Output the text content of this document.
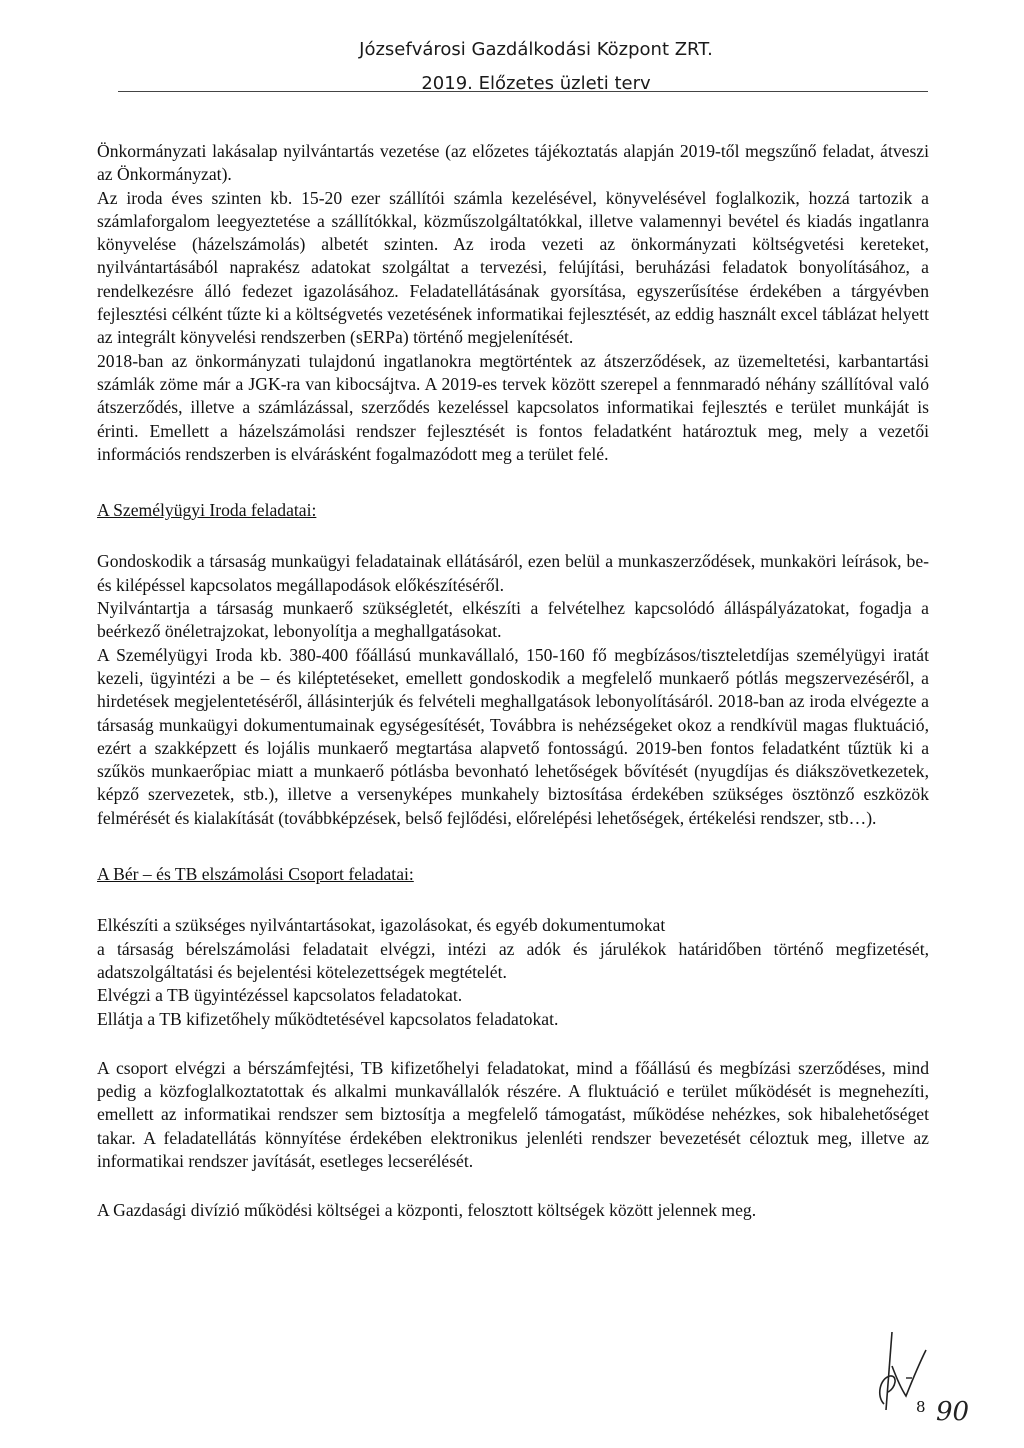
Józsefvárosi Gazdálkodási Központ ZRT.
2019. Előzetes üzleti terv

Önkormányzati lakásalap nyilvántartás vezetése (az előzetes tájékoztatás alapján 2019-től megszűnő feladat, átveszi az Önkormányzat).

Az iroda éves szinten kb. 15-20 ezer szállítói számla kezelésével, könyvelésével foglalkozik, hozzá tartozik a számlaforgalom leegyeztetése a szállítókkal, közműszolgáltatókkal, illetve valamennyi bevétel és kiadás ingatlanra könyvelése (házelszámolás) albetét szinten. Az iroda vezeti az önkormányzati költségvetési kereteket, nyilvántartásából naprakész adatokat szolgáltat a tervezési, felújítási, beruházási feladatok bonyolításához, a rendelkezésre álló fedezet igazolásához. Feladatellátásának gyorsítása, egyszerűsítése érdekében a tárgyévben fejlesztési célként tűzte ki a költségvetés vezetésének informatikai fejlesztését, az eddig használt excel táblázat helyett az integrált könyvelési rendszerben (sERPa) történő megjelenítését.

2018-ban az önkormányzati tulajdonú ingatlanokra megtörténtek az átszerződések, az üzemeltetési, karbantartási számlák zöme már a JGK-ra van kibocsájtva. A 2019-es tervek között szerepel a fennmaradó néhány szállítóval való átszerződés, illetve a számlázással, szerződés kezeléssel kapcsolatos informatikai fejlesztés e terület munkáját is érinti. Emellett a házelszámolási rendszer fejlesztését is fontos feladatként határoztuk meg, mely a vezetői információs rendszerben is elvárásként fogalmazódott meg a terület felé.

A Személyügyi Iroda feladatai:

Gondoskodik a társaság munkaügyi feladatainak ellátásáról, ezen belül a munkaszerződések, munkaköri leírások, be-és kilépéssel kapcsolatos megállapodások előkészítéséről.

Nyilvántartja a társaság munkaerő szükségletét, elkészíti a felvételhez kapcsolódó álláspályázatokat, fogadja a beérkező önéletrajzokat, lebonyolítja a meghallgatásokat.

A Személyügyi Iroda kb. 380-400 főállású munkavállaló, 150-160 fő megbízásos/tiszteletdíjas személyügyi iratát kezeli, ügyintézi a be – és kiléptetéseket, emellett gondoskodik a megfelelő munkaerő pótlás megszervezéséről, a hirdetések megjelentetéséről, állásinterjúk és felvételi meghallgatások lebonyolításáról. 2018-ban az iroda elvégezte a társaság munkaügyi dokumentumainak egységesítését, Továbbra is nehézségeket okoz a rendkívül magas fluktuáció, ezért a szakképzett és lojális munkaerő megtartása alapvető fontosságú. 2019-ben fontos feladatként tűztük ki a szűkös munkaerőpiac miatt a munkaerő pótlásba bevonható lehetőségek bővítését (nyugdíjas és diákszövetkezetek, képző szervezetek, stb.), illetve a versenyképes munkahely biztosítása érdekében szükséges ösztönző eszközök felmérését és kialakítását (továbbképzések, belső fejlődési, előrelépési lehetőségek, értékelési rendszer, stb…).

A Bér – és TB elszámolási Csoport feladatai:

Elkészíti a szükséges nyilvántartásokat, igazolásokat, és egyéb dokumentumokat

a társaság bérelszámolási feladatait elvégzi, intézi az adók és járulékok határidőben történő megfizetését, adatszolgáltatási és bejelentési kötelezettségek megtételét.

Elvégzi a TB ügyintézéssel kapcsolatos feladatokat.

Ellátja a TB kifizetőhely működtetésével kapcsolatos feladatokat.

A csoport elvégzi a bérszámfejtési, TB kifizetőhelyi feladatokat, mind a főállású és megbízási szerződéses, mind pedig a közfoglalkoztatottak és alkalmi munkavállalók részére. A fluktuáció e terület működését is megnehezíti, emellett az informatikai rendszer sem biztosítja a megfelelő támogatást, működése nehézkes, sok hibalehetőséget takar. A feladatellátás könnyítése érdekében elektronikus jelenléti rendszer bevezetését céloztuk meg, illetve az informatikai rendszer javítását, esetleges lecserélését.

A Gazdasági divízió működési költségei a központi, felosztott költségek között jelennek meg.

8 90
